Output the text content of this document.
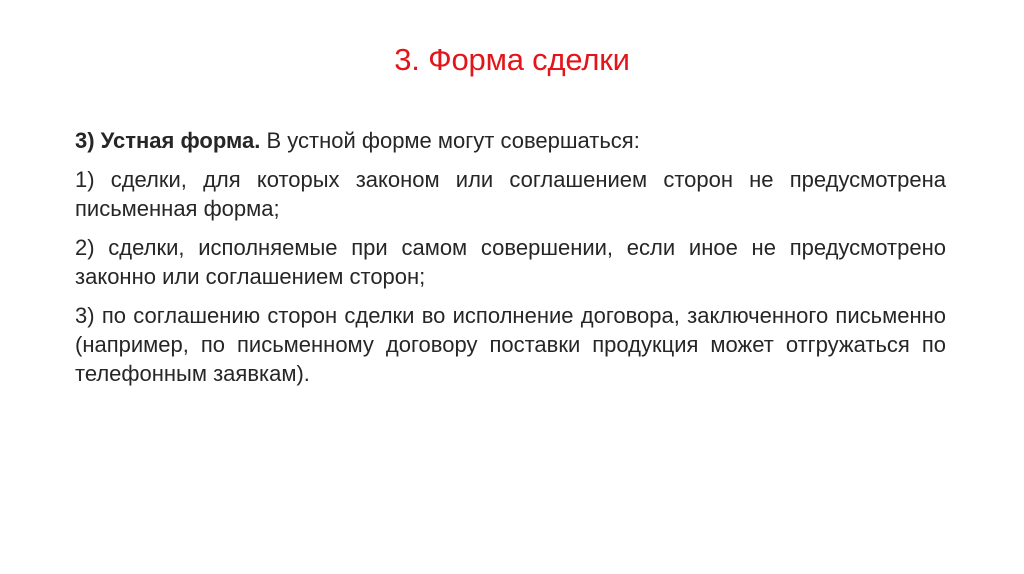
3. Форма сделки

3) Устная форма. В устной форме могут совершаться:

1) сделки, для которых законом или соглашением сторон не предусмотрена письменная форма;

2) сделки, исполняемые при самом совершении, если иное не предусмотрено законно или соглашением сторон;

3) по соглашению сторон сделки во исполнение договора, заключенного письменно (например, по письменному договору поставки продукция может отгружаться по телефонным заявкам).
